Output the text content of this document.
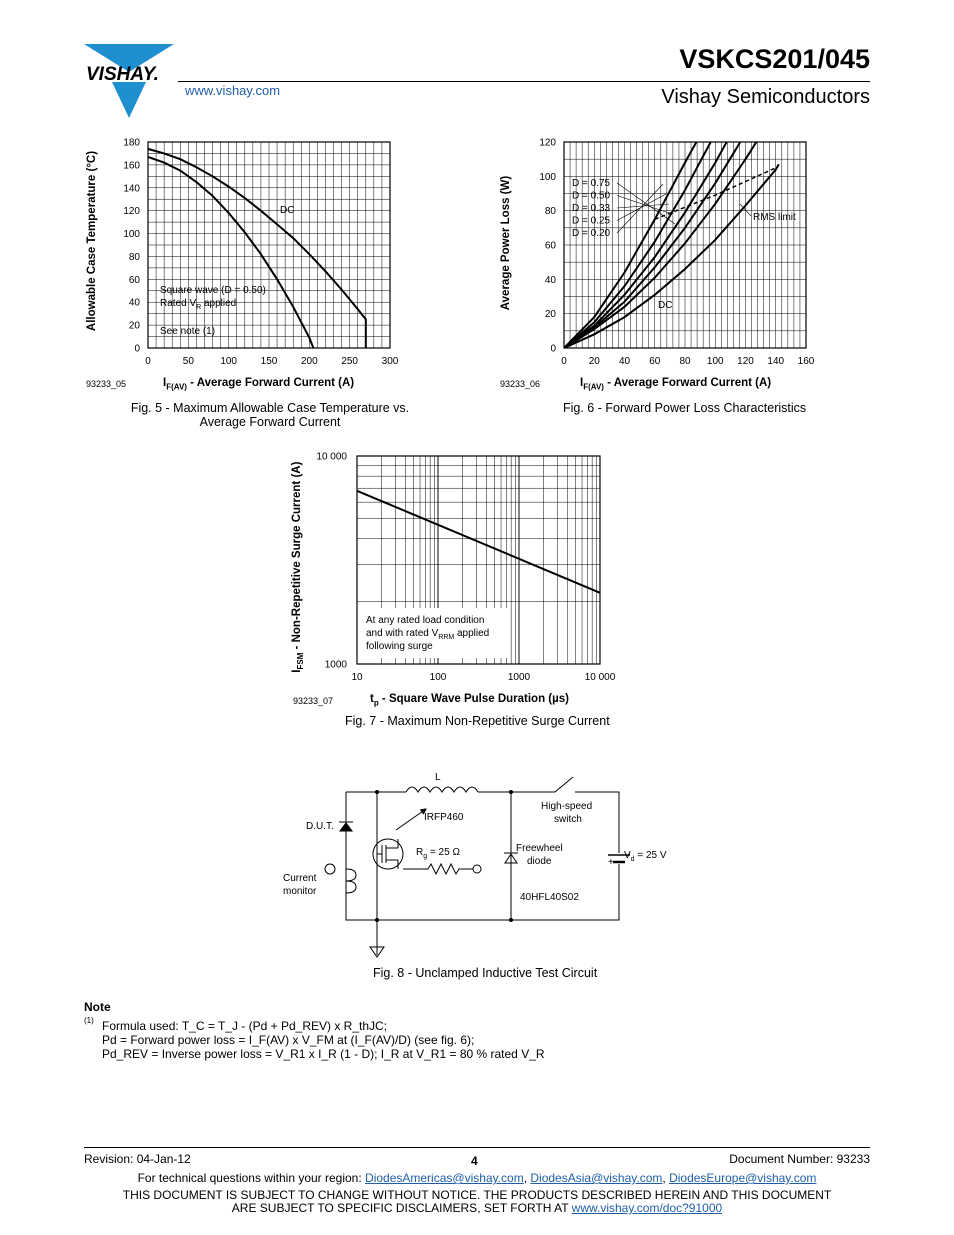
VISHAY.
VSKCS201/045
www.vishay.com	Vishay Semiconductors
0	50	100 150 200 250 300
0
20
40
60
80
100
120
140
160
180
DC
Square wave (D = 0.50)
Rated $V_R$ applied
See note (1)
Allowable Case Temperature (°C)
93233_05	$I_{F(AV)}$ - Average Forward Current (A)
Fig. 5 - Maximum Allowable Case Temperature vs.
Average Forward Current
0 20 40 60 80 100 120 140 160
0
20
40
60
80
100
120
D = 0.75
D = 0.50
D = 0.33
D = 0.25
D = 0.20
DC
RMS limit
Average Power Loss (W)
93233_06	$I_{F(AV)}$ - Average Forward Current (A)
Fig. 6 - Forward Power Loss Characteristics
10	100	1000	10 000
10 000
1000
At any rated load condition
and with rated $V_{RRM}$ applied
following surge
$I_{FSM}$ - Non-Repetitive Surge Current (A)
93233_07	$t_p$ - Square Wave Pulse Duration (µs)
Fig. 7 - Maximum Non-Repetitive Surge Current
L
D.U.T.
IRFP460
$R_g = 25$ Ω
High-speed
switch
Freewheel
diode
$V_d = 25$ V
+
Current
monitor
40HFL40S02
Fig. 8 - Unclamped Inductive Test Circuit
Note
(1) Formula used: T_C = T_J - (Pd + Pd_REV) x R_thJC;
Pd = Forward power loss = I_F(AV) x V_FM at (I_F(AV)/D) (see fig. 6);
Pd_REV = Inverse power loss = V_R1 x I_R (1 - D); I_R at V_R1 = 80 % rated V_R
Revision: 04-Jan-12	4	Document Number: 93233
For technical questions within your region: DiodesAmericas@vishay.com, DiodesAsia@vishay.com, DiodesEurope@vishay.com
THIS DOCUMENT IS SUBJECT TO CHANGE WITHOUT NOTICE. THE PRODUCTS DESCRIBED HEREIN AND THIS DOCUMENT
ARE SUBJECT TO SPECIFIC DISCLAIMERS, SET FORTH AT www.vishay.com/doc?91000
